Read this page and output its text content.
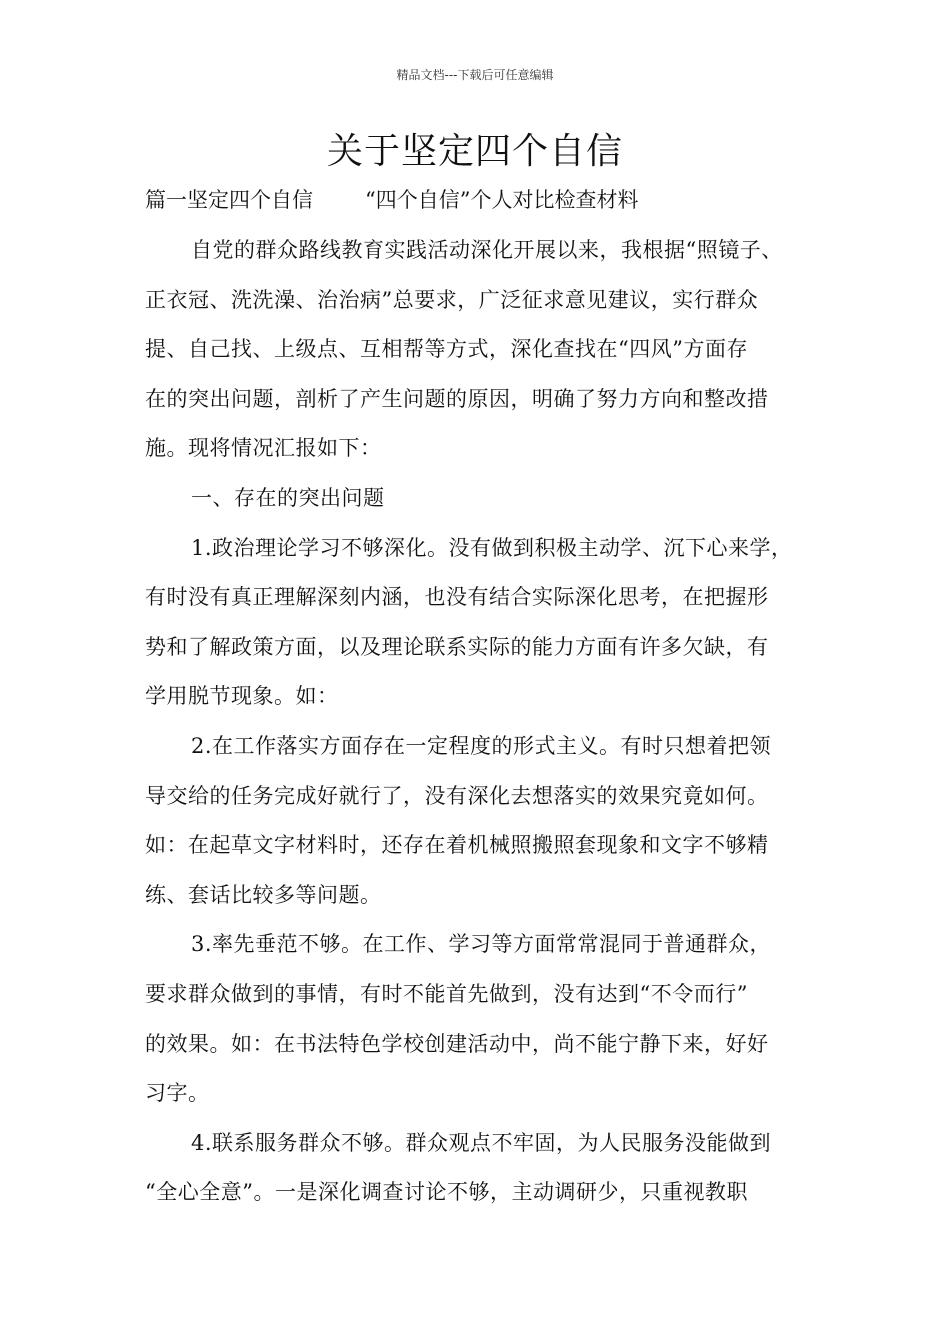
精品文档---下载后可任意编辑
关于坚定四个自信
篇一坚定四个自信 “四个自信”个人对比检查材料
自党的群众路线教育实践活动深化开展以来，我根据“照镜子、
正衣冠、洗洗澡、治治病”总要求，广泛征求意见建议，实行群众
提、自己找、上级点、互相帮等方式，深化查找在“四风”方面存
在的突出问题，剖析了产生问题的原因，明确了努力方向和整改措
施。现将情况汇报如下：
一、存在的突出问题
1.政治理论学习不够深化。没有做到积极主动学、沉下心来学，
有时没有真正理解深刻内涵，也没有结合实际深化思考，在把握形
势和了解政策方面，以及理论联系实际的能力方面有许多欠缺，有
学用脱节现象。如：
2.在工作落实方面存在一定程度的形式主义。有时只想着把领
导交给的任务完成好就行了，没有深化去想落实的效果究竟如何。
如：在起草文字材料时，还存在着机械照搬照套现象和文字不够精
练、套话比较多等问题。
3.率先垂范不够。在工作、学习等方面常常混同于普通群众，
要求群众做到的事情，有时不能首先做到，没有达到“不令而行”
的效果。如：在书法特色学校创建活动中，尚不能宁静下来，好好
习字。
4.联系服务群众不够。群众观点不牢固，为人民服务没能做到
“全心全意”。一是深化调查讨论不够，主动调研少，只重视教职
